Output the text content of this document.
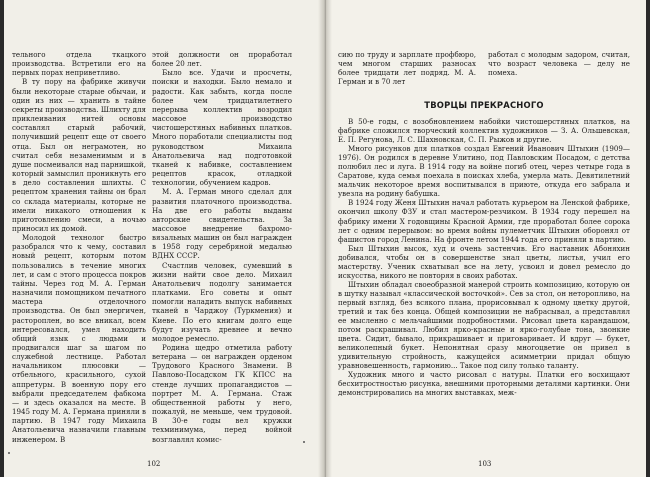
тельного отдела ткацкого производства. Встретили его на первых порах неприветливо.

В ту пору на фабрике живучи были некоторые старые обычаи, и один из них — хранить в тайне секреты производства. Шлихту для приклеивания нитей основы составлял старый рабочий, получивший рецепт еще от своего отца. Был он неграмотен, но считал себя незаменимым и в душе посмеивался над парнишкой, который замыслил проникнуть его в дело составления шлихты. С рецептом хранения тайны он брал со склада материалы, которые не имели никакого отношения к приготовлению смеси, а ночью приносил их домой.

Молодой технолог быстро разобрался что к чему, составил новый рецепт, которым потом пользовались в течение многих лет, и сам с этого процесса покров тайны. Через год М. А. Герман назначили помощником печатного мастера отделочного производства. Он был энергичен, растороплен, во все вникал, всем интересовался, умел находить общий язык с людьми и продвигался шаг за шагом по служебной лестнице. Работал начальником плюсовки — отбельного, красильного, сухой аппретуры. В военную пору его выбрали председателем фабкома — и здесь оказался на месте. В 1945 году М. А. Германа приняли в партию. В 1947 году Михаила Анатольевича назначили главным инженером. В

этой должности он проработал более 20 лет.

Было все. Удачи и просчеты, поиски и находки. Было немало и радости. Как забыть, когда после более чем тридцатилетнего перерыва коллектив возродил массовое производство чистошерстяных набивных платков. Много поработали специалисты под руководством Михаила Анатольевича над подготовкой тканей к набивке, составлением рецептов красок, отладкой технологии, обучением кадров.

М. А. Герман много сделал для развития платочного производства. На две его работы выданы авторские свидетельства. За массовое внедрение бахромо-вязальных машин он был награжден в 1958 году серебряной медалью ВДНХ СССР.

Счастлив человек, сумевший в жизни найти свое дело. Михаил Анатольевич подолгу занимается платками. Его советы и опыт помогли наладить выпуск набивных тканей в Чарджоу (Туркмения) и Киеве. По его книгам долго еще будут изучать древнее и вечно молодое ремесло.

Родина щедро отметила работу ветерана — он награжден орденом Трудового Красного Знамени. В Павлово-Посадском ГК КПСС на стенде лучших пропагандистов — портрет М. А. Германа. Стаж общественной работы у него, пожалуй, не меньше, чем трудовой. В 30-е годы вел кружки техминимума, перед войной возглавлял комис-

сию по труду и зарплате профбюро, чем многом старших разносах более тридцати лет подряд. М. А. Герман и в 70 лет

работал с молодым задором, считая, что возраст человека — делу не помеха.

ТВОРЦЫ ПРЕКРАСНОГО

В 50-е годы, с возобновлением набойки чистошерстяных платков, на фабрике сложился творческий коллектив художников — З. А. Ольшевская, Е. П. Регунова, Л. С. Шахновская, С. П. Рыжов и другие.

Много рисунков для платков создал Евгений Иванович Штыхин (1909—1976). Он родился в деревне Улитино, под Павловским Посадом, с детства полюбил лес и луга. В 1914 году на войне погиб отец, через четыре года в Саратове, куда семья поехала в поисках хлеба, умерла мать. Девятилетний мальчик некоторое время воспитывался в приюте, откуда его забрала и увезла на родину бабушка.

В 1924 году Женя Штыхин начал работать курьером на Ленской фабрике, окончил школу ФЗУ и стал мастером-резчиком. В 1934 году перешел на фабрику имени Х годовщины Красной Армии, где проработал более сорока лет с одним перерывом: во время войны пулеметчик Штыхин оборонял от фашистов город Ленина. На фронте летом 1944 года его приняли в партию.

Был Штыхин высок, худ и очень застенчив. Его наставник Абоняхин добивался, чтобы он в совершенстве знал цветы, листья, учил его мастерству. Ученик схватывал все на лету, усвоил и довел ремесло до искусства, никого не повторяя в своих работах.

Штыхин обладал своеобразной манерой строить композицию, которую он в шутку называл «классической восточкой». Сев за стол, он неторопливо, на первый взгляд, без всякого плана, прорисовывал к одному цветку другой, третий и так без конца. Общей композиции не набрасывал, а представлял ее мысленно с мельчайшими подробностями. Рисовал цвета карандашом, потом раскрашивал. Любил ярко-красные и ярко-голубые тона, звонкие цвета. Сидит, бывало, прикрашивает и приговаривает. И вдруг — букет, великолепный букет. Непонятная сразу многоцветие он привел в удивительную стройность, кажущейся асимметрии придал общую уравновешенность, гармонию... Такое под силу только таланту.

Художник много и часто рисовал с натуры. Платки его восхищают бесхитростностью рисунка, внешними проторными деталями картинки. Они демонстрировались на многих выставках, меж-

102	103
